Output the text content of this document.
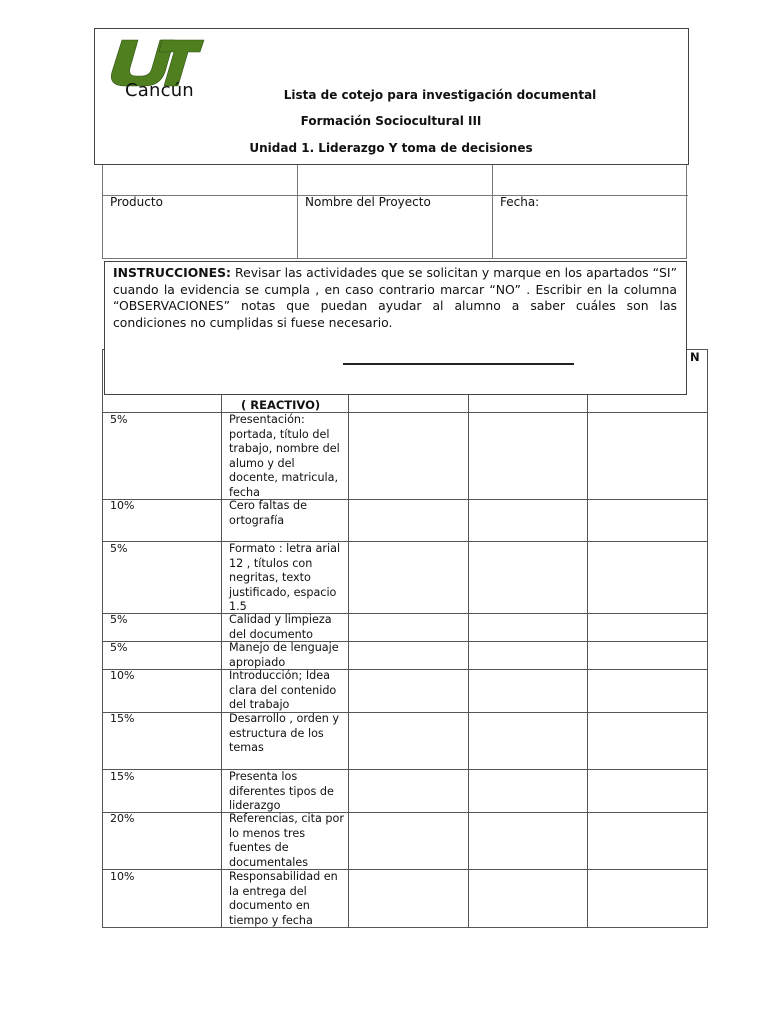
Cancún	Lista de cotejo para investigación documental
Formación Sociocultural III
Unidad 1. Liderazgo Y toma de decisiones
Producto	Nombre del Proyecto	Fecha:
( REACTIVO)
N
INSTRUCCIONES: Revisar las actividades que se solicitan y marque en los apartados “SI” cuando la evidencia se cumpla , en caso contrario marcar “NO” . Escribir en la columna “OBSERVACIONES” notas que puedan ayudar al alumno a saber cuáles son las condiciones no cumplidas si fuese necesario.
5%	Presentación: portada, título del trabajo, nombre del alumo y del docente, matricula, fecha
10%	Cero faltas de ortografía
5%	Formato : letra arial 12 , títulos con negritas, texto justificado, espacio 1.5
5%	Calidad y limpieza del documento
5%	Manejo de lenguaje apropiado
10%	Introducción; Idea clara del contenido del trabajo
15%	Desarrollo , orden y estructura de los temas
15%	Presenta los diferentes tipos de liderazgo
20%	Referencias, cita por lo menos tres fuentes de documentales
10%	Responsabilidad en la entrega del documento en tiempo y fecha
